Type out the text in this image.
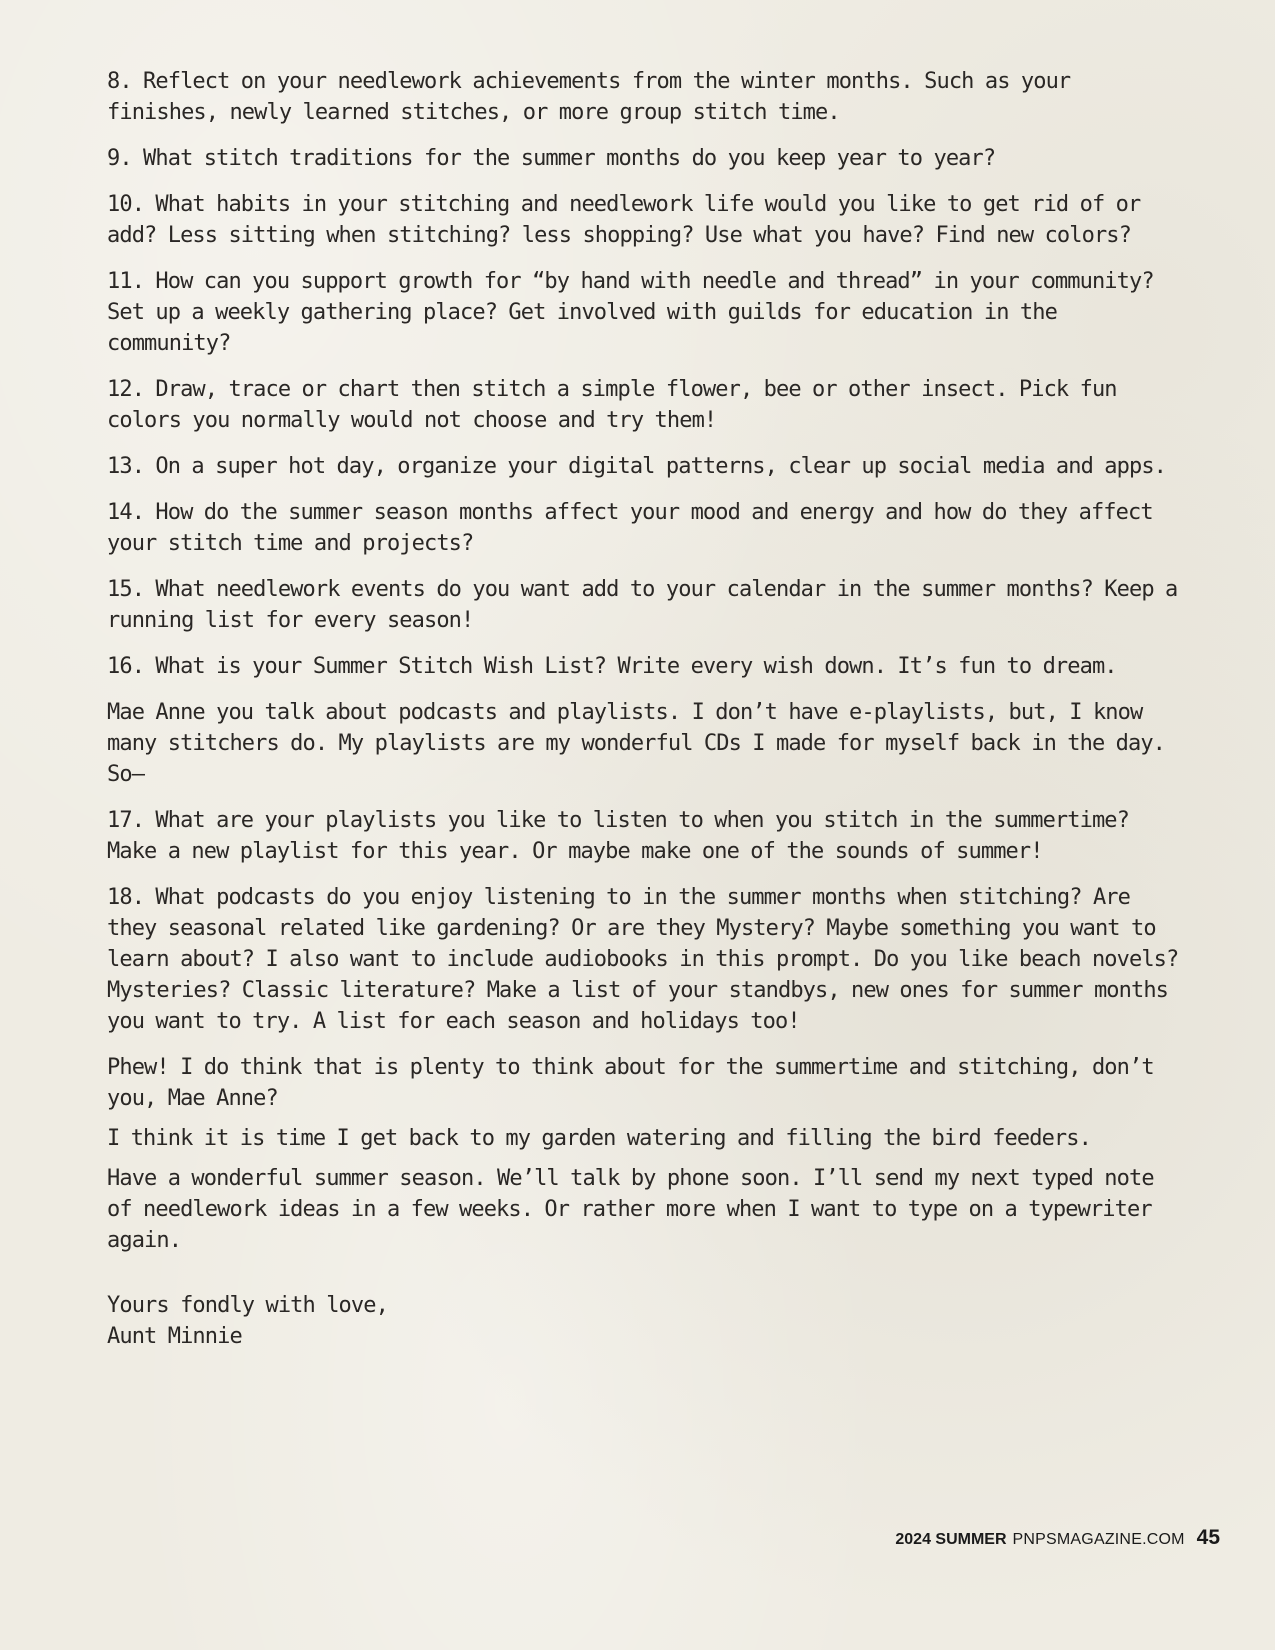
8. Reflect on your needlework achievements from the winter months. Such as your finishes, newly learned stitches, or more group stitch time.

9. What stitch traditions for the summer months do you keep year to year?

10. What habits in your stitching and needlework life would you like to get rid of or add? Less sitting when stitching? less shopping? Use what you have? Find new colors?

11. How can you support growth for “by hand with needle and thread” in your community? Set up a weekly gathering place? Get involved with guilds for education in the community?

12. Draw, trace or chart then stitch a simple flower, bee or other insect. Pick fun colors you normally would not choose and try them!

13. On a super hot day, organize your digital patterns, clear up social media and apps.

14. How do the summer season months affect your mood and energy and how do they affect your stitch time and projects?

15. What needlework events do you want add to your calendar in the summer months? Keep a running list for every season!

16. What is your Summer Stitch Wish List? Write every wish down. It’s fun to dream.

Mae Anne you talk about podcasts and playlists. I don’t have e-playlists, but, I know many stitchers do. My playlists are my wonderful CDs I made for myself back in the day. So—

17. What are your playlists you like to listen to when you stitch in the summertime? Make a new playlist for this year. Or maybe make one of the sounds of summer!

18. What podcasts do you enjoy listening to in the summer months when stitching? Are they seasonal related like gardening? Or are they Mystery? Maybe something you want to learn about? I also want to include audiobooks in this prompt. Do you like beach novels? Mysteries? Classic literature? Make a list of your standbys, new ones for summer months you want to try. A list for each season and holidays too!

Phew! I do think that is plenty to think about for the summertime and stitching, don’t you, Mae Anne?

I think it is time I get back to my garden watering and filling the bird feeders.

Have a wonderful summer season. We’ll talk by phone soon. I’ll send my next typed note of needlework ideas in a few weeks. Or rather more when I want to type on a typewriter again.

Yours fondly with love,
Aunt Minnie
2024 SUMMER PNPSMAGAZINE.COM 45
